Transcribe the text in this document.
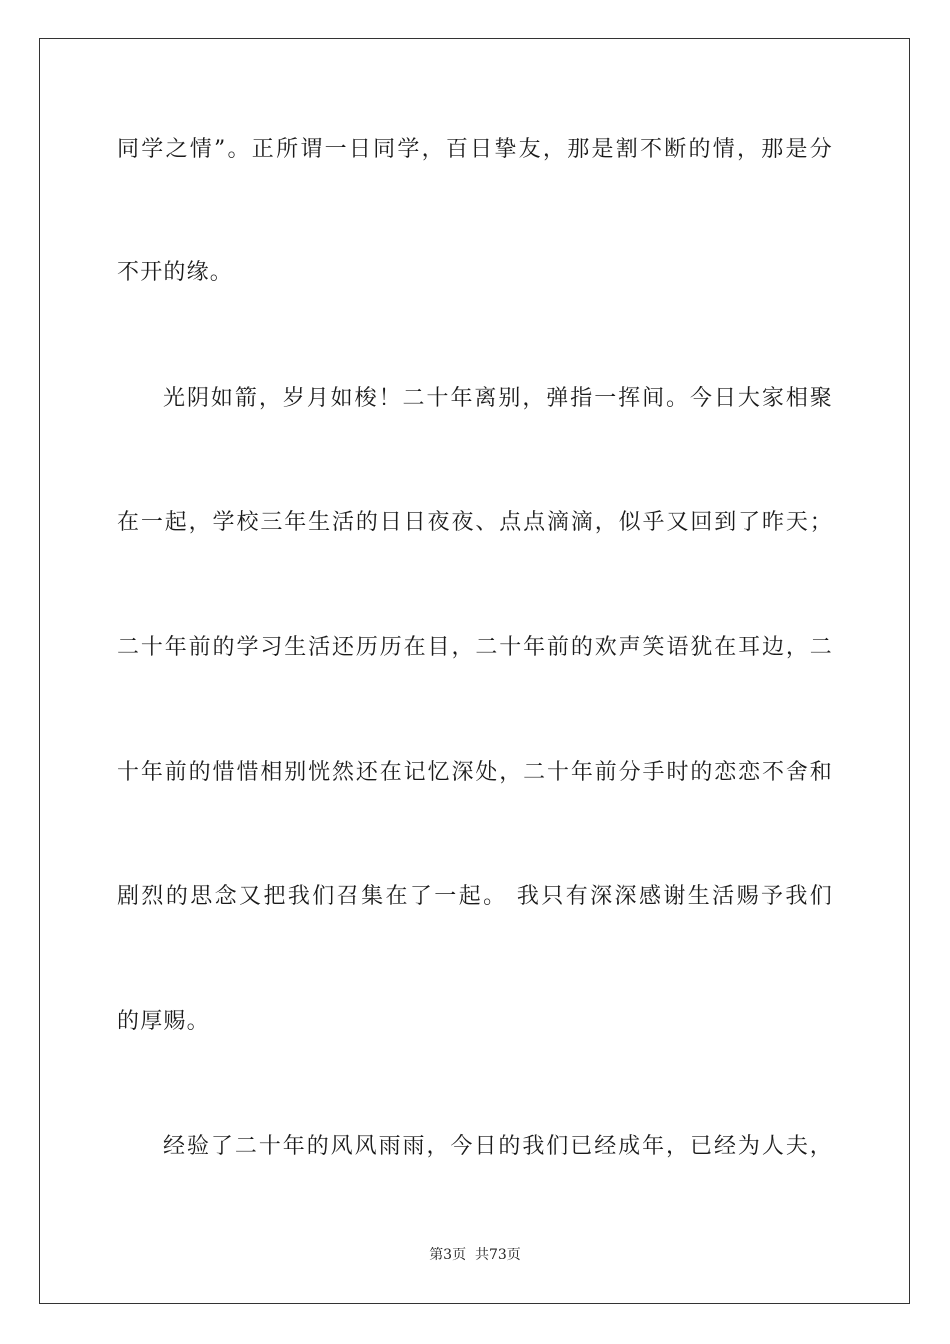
同学之情”。正所谓一日同学，百日挚友，那是割不断的情，那是分
不开的缘。
光阴如箭，岁月如梭！二十年离别，弹指一挥间。今日大家相聚
在一起，学校三年生活的日日夜夜、点点滴滴，似乎又回到了昨天；
二十年前的学习生活还历历在目，二十年前的欢声笑语犹在耳边，二
十年前的惜惜相别恍然还在记忆深处，二十年前分手时的恋恋不舍和
剧烈的思念又把我们召集在了一起。 我只有深深感谢生活赐予我们
的厚赐。
经验了二十年的风风雨雨，今日的我们已经成年，已经为人夫，
第3页  共73页
